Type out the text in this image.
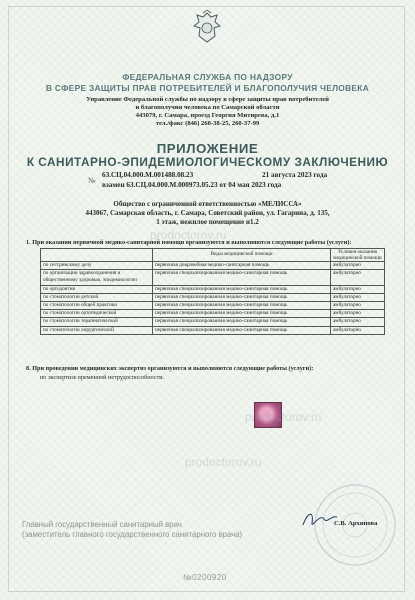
ФЕДЕРАЛЬНАЯ СЛУЖБА ПО НАДЗОРУ
В СФЕРЕ ЗАЩИТЫ ПРАВ ПОТРЕБИТЕЛЕЙ И БЛАГОПОЛУЧИЯ ЧЕЛОВЕКА
Управление Федеральной службы по надзору в сфере защиты прав потребителей
и благополучия человека по Самарской области
443079, г. Самара, проезд Георгия Митирева, д.1
тел./факс (846) 260-38-25, 260-37-99
ПРИЛОЖЕНИЕ
К САНИТАРНО-ЭПИДЕМИОЛОГИЧЕСКОМУ ЗАКЛЮЧЕНИЮ
№
63.СЦ.04.000.М.001488.08.23	21 августа 2023 года
взамен 63.СЦ.04.000.М.000973.05.23 от 04 мая 2023 года
Общество с ограниченной ответственностью «МЕЛИССА»
443067, Самарская область, г. Самара, Советский район, ул. Гагарина, д. 135,
1 этаж, нежилое помещение н1.2
prodoctorov.ru
1. При оказании первичной медико-санитарной помощи организуются и выполняются следующие работы (услуги):
	Виды медицинской помощи	Условия оказания медицинской помощи
по сестринскому делу	первичная доврачебная медико-санитарная помощь	амбулаторно
по организации здравоохранения и общественному здоровью, эпидемиологии	первичная специализированная медико-санитарная помощь	амбулаторно
по ортодонтии	первичная специализированная медико-санитарная помощь	амбулаторно
по стоматологии детской	первичная специализированная медико-санитарная помощь	амбулаторно
по стоматологии общей практики	первичная специализированная медико-санитарная помощь	амбулаторно
по стоматологии ортопедической	первичная специализированная медико-санитарная помощь	амбулаторно
по стоматологии терапевтической	первичная специализированная медико-санитарная помощь	амбулаторно
по стоматологии хирургической	первичная специализированная медико-санитарная помощь	амбулаторно
8. При проведении медицинских экспертиз организуются и выполняются следующие работы (услуги):
по экспертизе временной нетрудоспособности.
prodoctorov.ru
prodoctorov.ru
Главный государственный санитарный врач
(заместитель главного государственного санитарного врача)
С.В. Архипова
№0200920
